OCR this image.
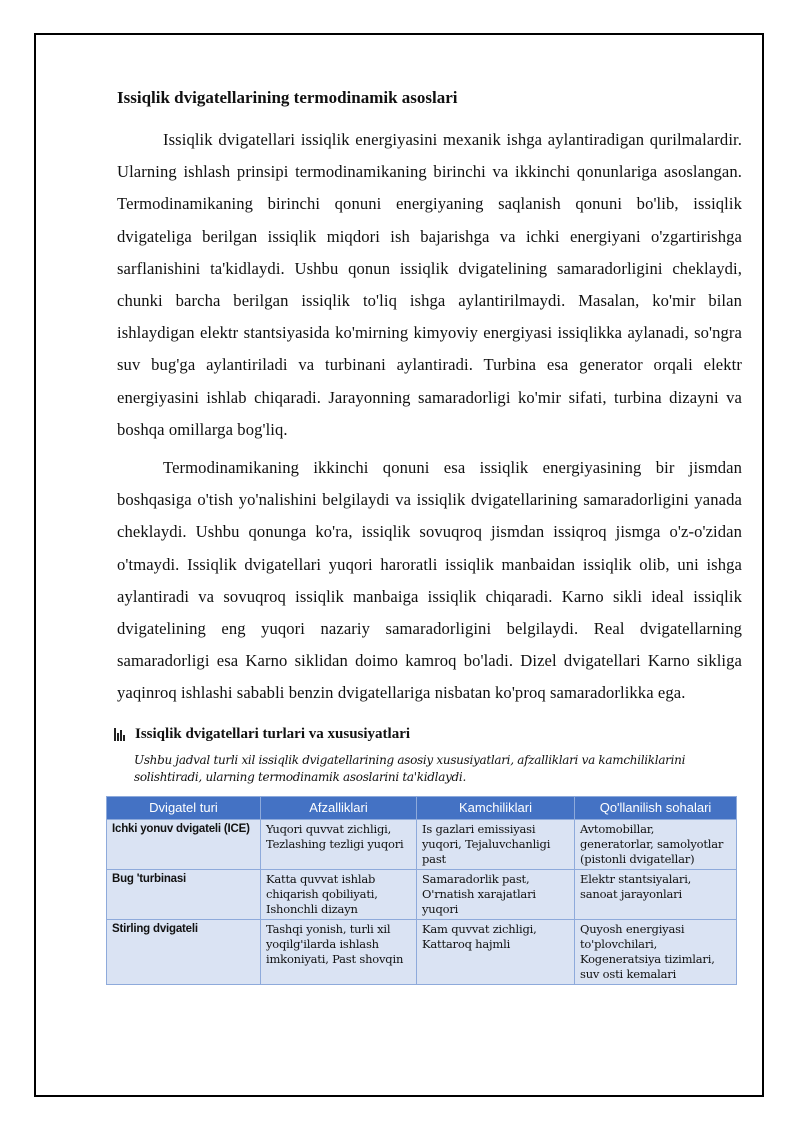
Issiqlik dvigatellarining termodinamik asoslari

Issiqlik dvigatellari issiqlik energiyasini mexanik ishga aylantiradigan qurilmalardir. Ularning ishlash prinsipi termodinamikaning birinchi va ikkinchi qonunlariga asoslangan. Termodinamikaning birinchi qonuni energiyaning saqlanish qonuni bo'lib, issiqlik dvigateliga berilgan issiqlik miqdori ish bajarishga va ichki energiyani o'zgartirishga sarflanishini ta'kidlaydi. Ushbu qonun issiqlik dvigatelining samaradorligini cheklaydi, chunki barcha berilgan issiqlik to'liq ishga aylantirilmaydi. Masalan, ko'mir bilan ishlaydigan elektr stantsiyasida ko'mirning kimyoviy energiyasi issiqlikka aylanadi, so'ngra suv bug'ga aylantiriladi va turbinani aylantiradi. Turbina esa generator orqali elektr energiyasini ishlab chiqaradi. Jarayonning samaradorligi ko'mir sifati, turbina dizayni va boshqa omillarga bog'liq.

Termodinamikaning ikkinchi qonuni esa issiqlik energiyasining bir jismdan boshqasiga o'tish yo'nalishini belgilaydi va issiqlik dvigatellarining samaradorligini yanada cheklaydi. Ushbu qonunga ko'ra, issiqlik sovuqroq jismdan issiqroq jismga o'z-o'zidan o'tmaydi. Issiqlik dvigatellari yuqori haroratli issiqlik manbaidan issiqlik olib, uni ishga aylantiradi va sovuqroq issiqlik manbaiga issiqlik chiqaradi. Karno sikli ideal issiqlik dvigatelining eng yuqori nazariy samaradorligini belgilaydi. Real dvigatellarning samaradorligi esa Karno siklidan doimo kamroq bo'ladi. Dizel dvigatellari Karno sikliga yaqinroq ishlashi sababli benzin dvigatellariga nisbatan ko'proq samaradorlikka ega.

Issiqlik dvigatellari turlari va xususiyatlari
Ushbu jadval turli xil issiqlik dvigatellarining asosiy xususiyatlari, afzalliklari va kamchiliklarini solishtiradi, ularning termodinamik asoslarini ta'kidlaydi.
Dvigatel turi	Afzalliklari	Kamchiliklari	Qo'llanilish sohalari
Ichki yonuv dvigateli (ICE)	Yuqori quvvat zichligi, Tezlashing tezligi yuqori	Is gazlari emissiyasi yuqori, Tejaluvchanligi past	Avtomobillar, generatorlar, samolyotlar (pistonli dvigatellar)
Bug 'turbinasi	Katta quvvat ishlab chiqarish qobiliyati, Ishonchli dizayn	Samaradorlik past, O'rnatish xarajatlari yuqori	Elektr stantsiyalari, sanoat jarayonlari
Stirling dvigateli	Tashqi yonish, turli xil yoqilg'ilarda ishlash imkoniyati, Past shovqin	Kam quvvat zichligi, Kattaroq hajmli	Quyosh energiyasi to'plovchilari, Kogeneratsiya tizimlari, suv osti kemalari
